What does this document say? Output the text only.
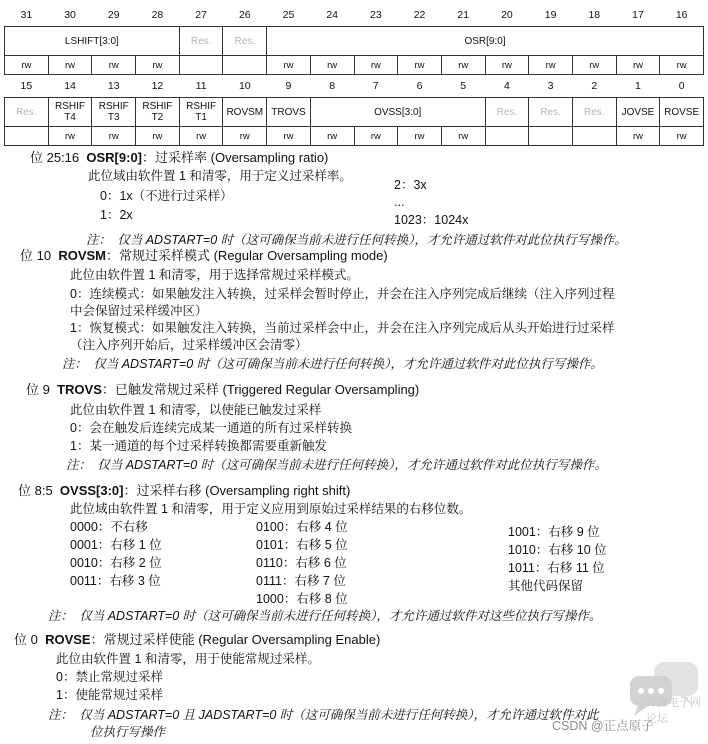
31	30	29	28	27	26	25	24	23	22	21	20	19	18	17	16
LSHIFT[3:0]				Res.	Res.	OSR[9:0]									
rw	rw	rw	rw			rw	rw	rw	rw	rw	rw	rw	rw	rw	rw
15	14	13	12	11	10	9	8	7	6	5	4	3	2	1	0
Res.	RSHIF T4	RSHIF T3	RSHIF T2	RSHIF T1	ROVSM	TROVS	OVSS[3:0]				Res.	Res.	Res.	JOVSE	ROVSE
	rw	rw	rw	rw	rw	rw	rw	rw	rw	rw				rw	rw
位 25:16 OSR[9:0]：过采样率 (Oversampling ratio)
此位域由软件置 1 和清零，用于定义过采样率。
0：1x（不进行过采样）
1：2x
2：3x
...
1023：1024x
注：　仅当 ADSTART=0 时（这可确保当前未进行任何转换），才允许通过软件对此位执行写操作。
位 10 ROVSM：常规过采样模式 (Regular Oversampling mode)
此位由软件置 1 和清零，用于选择常规过采样模式。
0：连续模式：如果触发注入转换，过采样会暂时停止，并会在注入序列完成后继续（注入序列过程
中会保留过采样缓冲区）
1：恢复模式：如果触发注入转换，当前过采样会中止，并会在注入序列完成后从头开始进行过采样
（注入序列开始后，过采样缓冲区会清零）
注：　仅当 ADSTART=0 时（这可确保当前未进行任何转换），才允许通过软件对此位执行写操作。
位 9 TROVS：已触发常规过采样 (Triggered Regular Oversampling)
此位由软件置 1 和清零，以使能已触发过采样
0：会在触发后连续完成某一通道的所有过采样转换
1：某一通道的每个过采样转换都需要重新触发
注：　仅当 ADSTART=0 时（这可确保当前未进行任何转换），才允许通过软件对此位执行写操作。
位 8:5 OVSS[3:0]：过采样右移 (Oversampling right shift)
此位域由软件置 1 和清零，用于定义应用到原始过采样结果的右移位数。
0000：不右移
0001：右移 1 位
0010：右移 2 位
0011：右移 3 位
0100：右移 4 位
0101：右移 5 位
0110：右移 6 位
0111：右移 7 位
1000：右移 8 位
1001：右移 9 位
1010：右移 10 位
1011：右移 11 位
其他代码保留
注：　仅当 ADSTART=0 时（这可确保当前未进行任何转换），才允许通过软件对这些位执行写操作。
位 0 ROVSE：常规过采样使能 (Regular Oversampling Enable)
此位由软件置 1 和清零，用于使能常规过采样。
0：禁止常规过采样
1：使能常规过采样
注：　仅当 ADSTART=0 且 JADSTART=0 时（这可确保当前未进行任何转换），才允许通过软件对此
位执行写操作
开源电子网论坛
CSDN @正点原子
